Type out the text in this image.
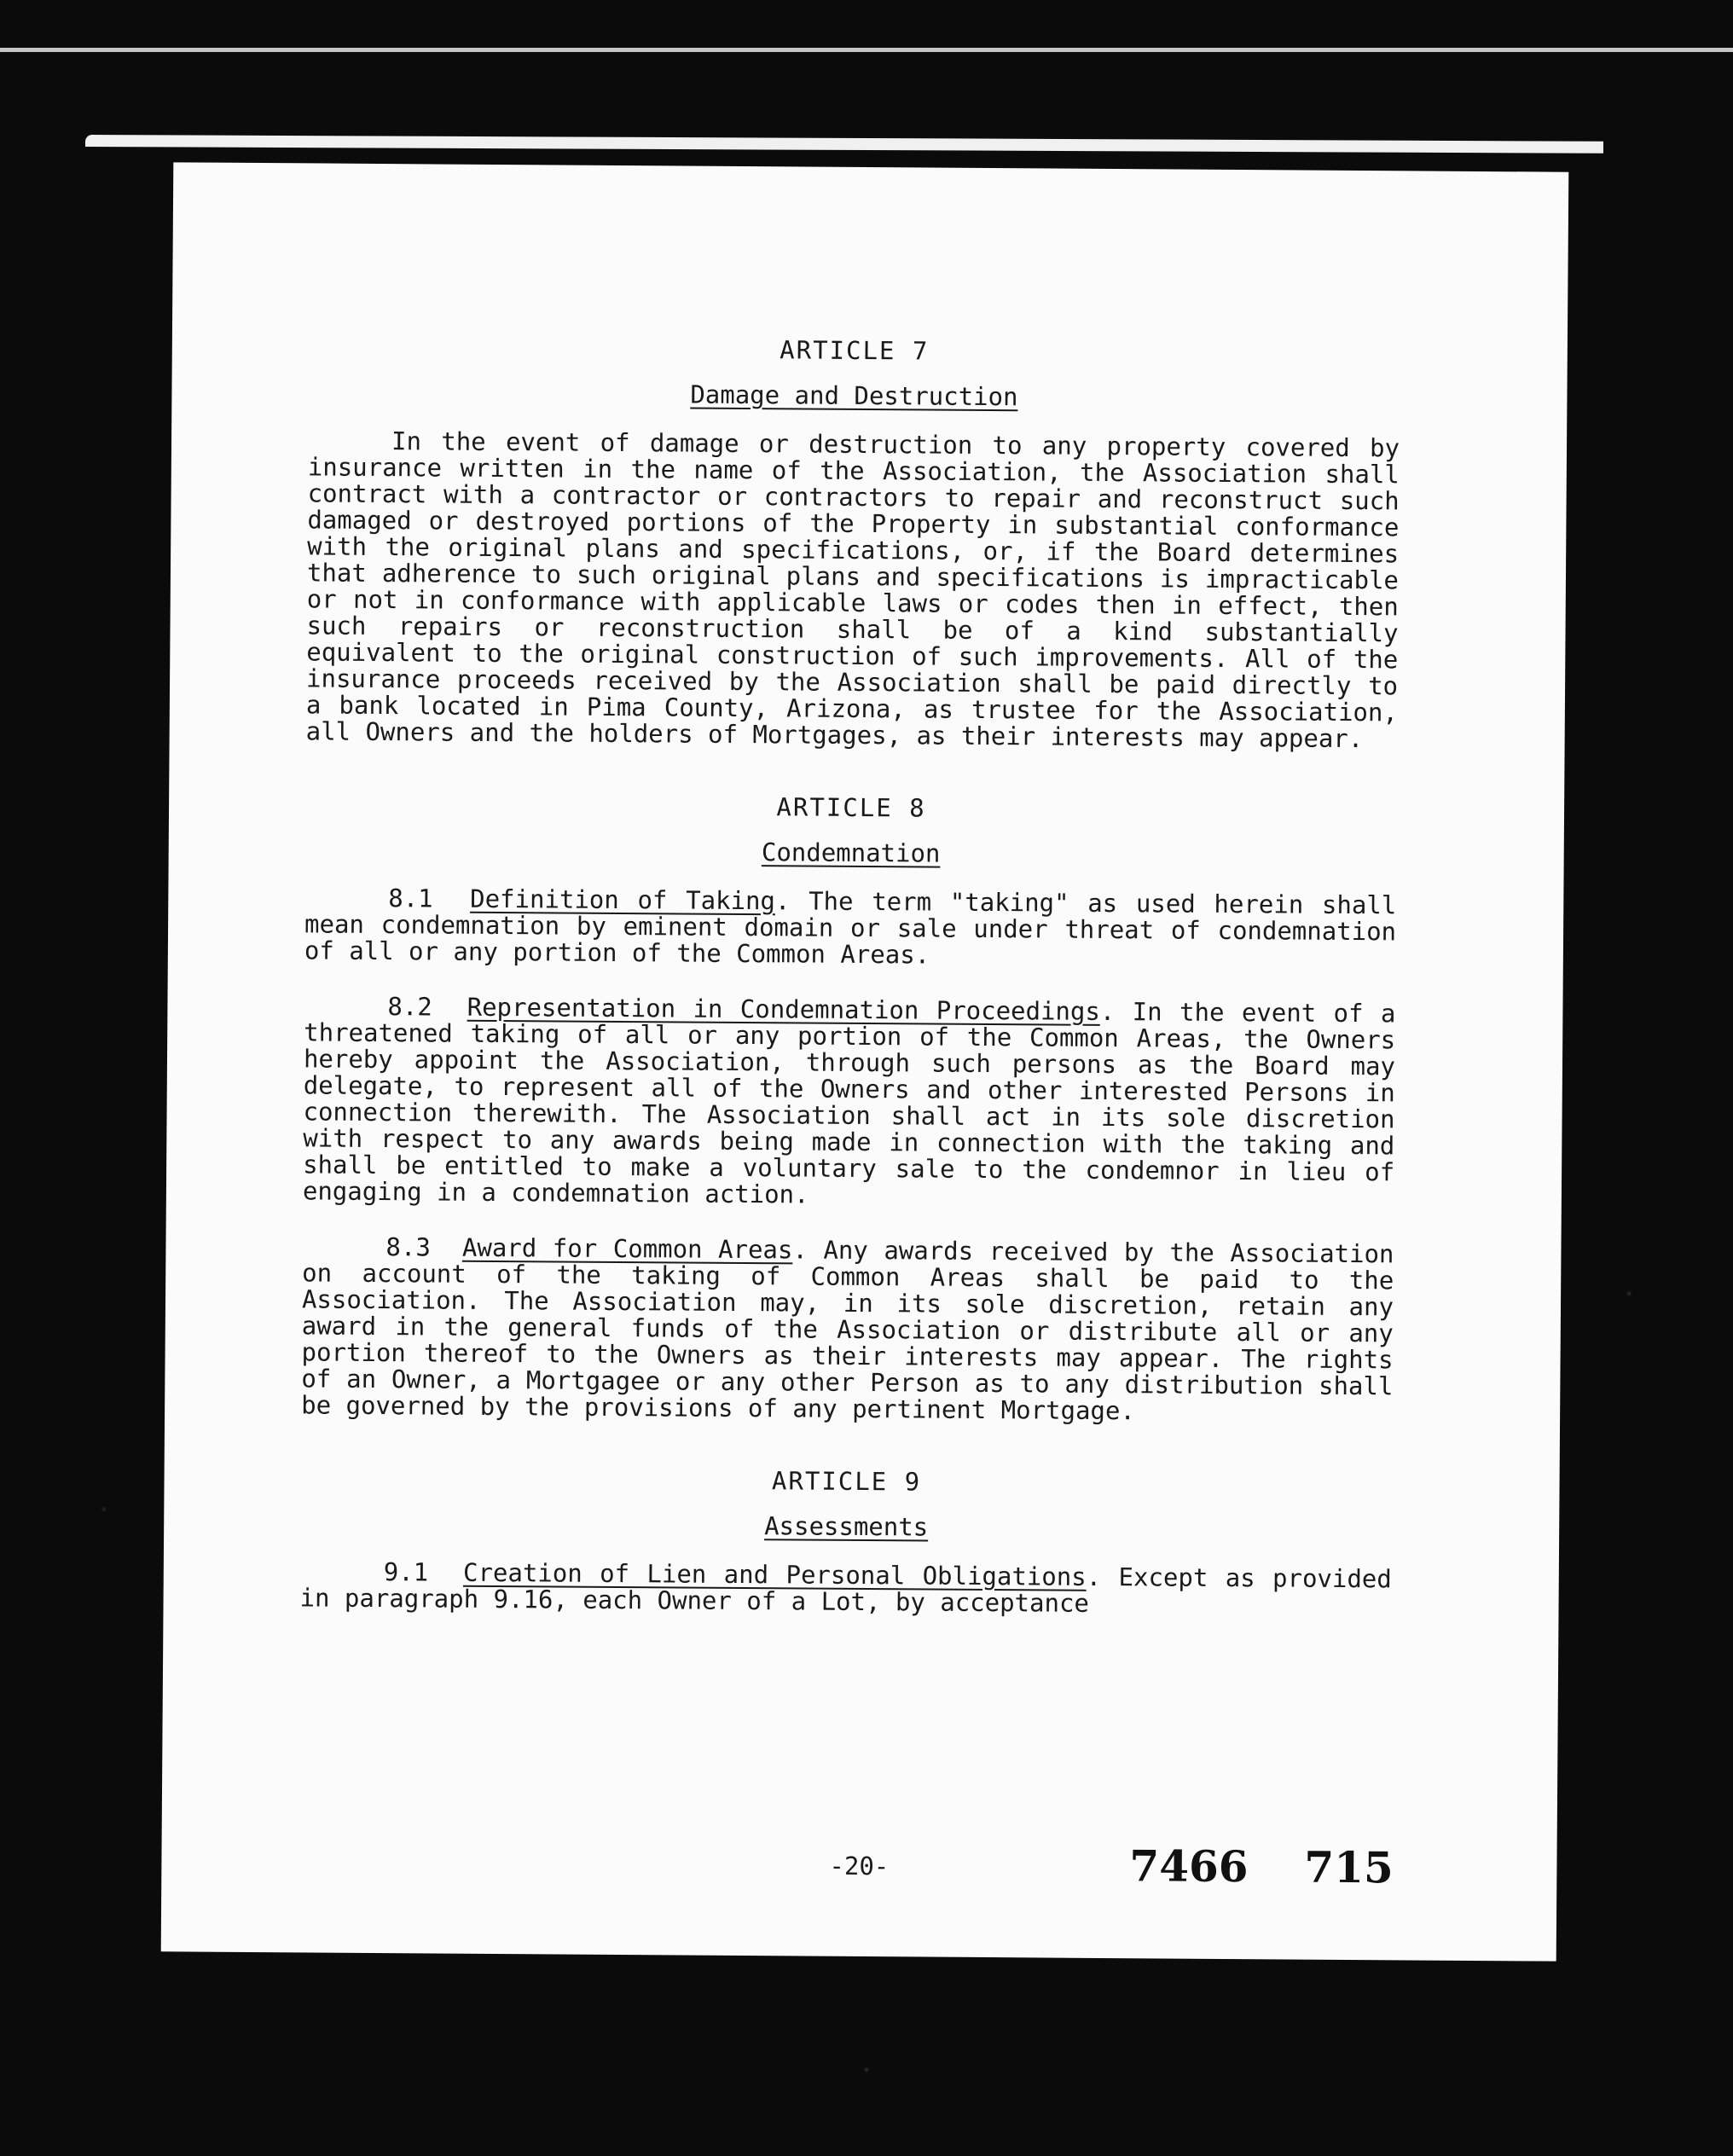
ARTICLE 7

Damage and Destruction

In the event of damage or destruction to any property covered by insurance written in the name of the Association, the Association shall contract with a contractor or contractors to repair and reconstruct such damaged or destroyed portions of the Property in substantial conformance with the original plans and specifications, or, if the Board determines that adherence to such original plans and specifications is impracticable or not in conformance with applicable laws or codes then in effect, then such repairs or reconstruction shall be of a kind substantially equivalent to the original construction of such improvements. All of the insurance proceeds received by the Association shall be paid directly to a bank located in Pima County, Arizona, as trustee for the Association, all Owners and the holders of Mortgages, as their interests may appear.

ARTICLE 8

Condemnation

8.1 Definition of Taking. The term "taking" as used herein shall mean condemnation by eminent domain or sale under threat of condemnation of all or any portion of the Common Areas.

8.2 Representation in Condemnation Proceedings. In the event of a threatened taking of all or any portion of the Common Areas, the Owners hereby appoint the Association, through such persons as the Board may delegate, to represent all of the Owners and other interested Persons in connection therewith. The Association shall act in its sole discretion with respect to any awards being made in connection with the taking and shall be entitled to make a voluntary sale to the condemnor in lieu of engaging in a condemnation action.

8.3 Award for Common Areas. Any awards received by the Association on account of the taking of Common Areas shall be paid to the Association. The Association may, in its sole discretion, retain any award in the general funds of the Association or distribute all or any portion thereof to the Owners as their interests may appear. The rights of an Owner, a Mortgagee or any other Person as to any distribution shall be governed by the provisions of any pertinent Mortgage.

ARTICLE 9

Assessments

9.1 Creation of Lien and Personal Obligations. Except as provided in paragraph 9.16, each Owner of a Lot, by acceptance

-20-	7466 715
